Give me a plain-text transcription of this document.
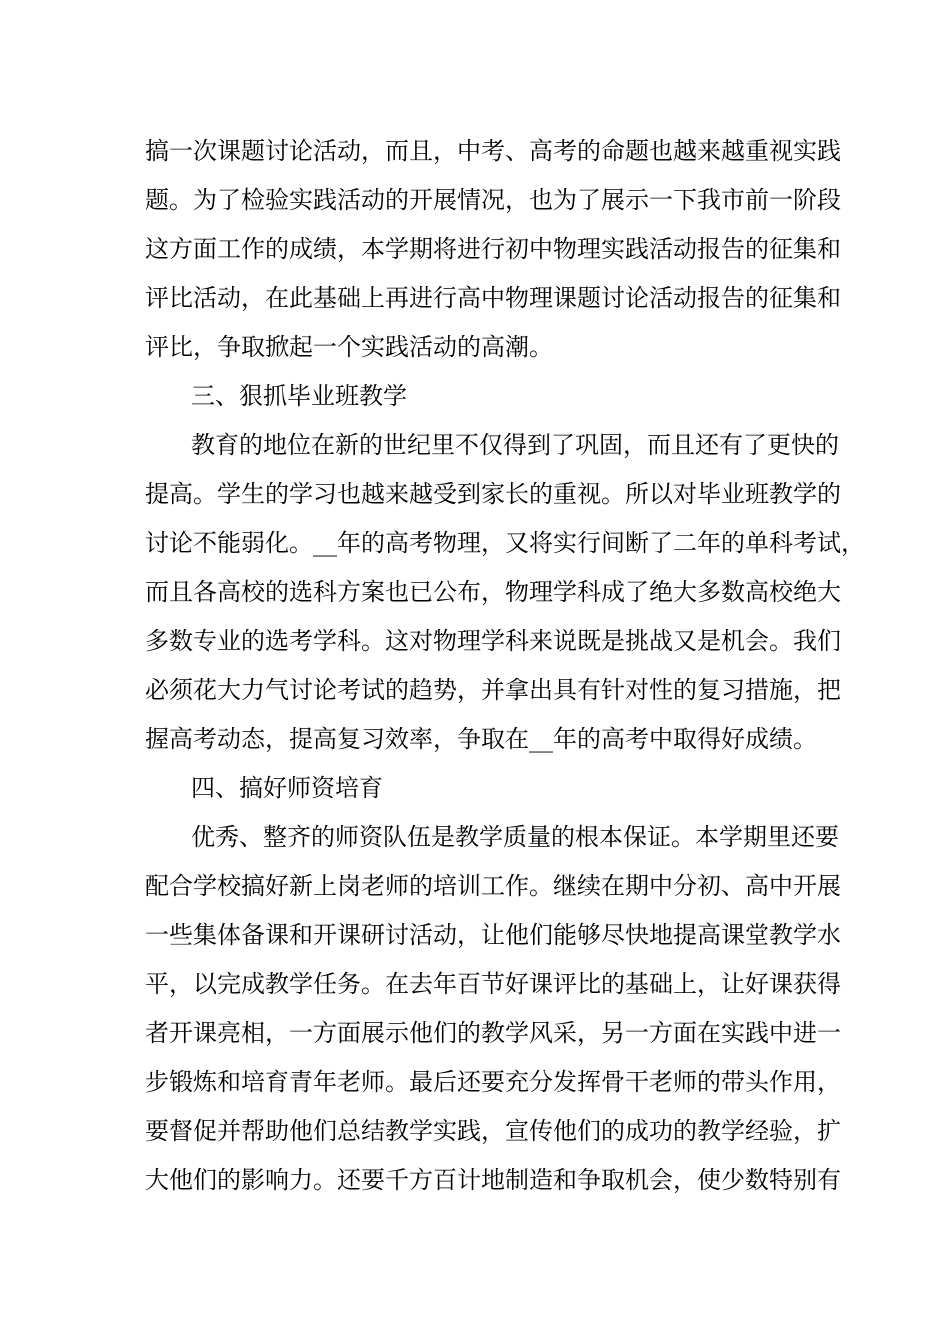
搞一次课题讨论活动，而且，中考、高考的命题也越来越重视实践
题。为了检验实践活动的开展情况，也为了展示一下我市前一阶段
这方面工作的成绩，本学期将进行初中物理实践活动报告的征集和
评比活动，在此基础上再进行高中物理课题讨论活动报告的征集和
评比，争取掀起一个实践活动的高潮。
三、狠抓毕业班教学
教育的地位在新的世纪里不仅得到了巩固，而且还有了更快的
提高。学生的学习也越来越受到家长的重视。所以对毕业班教学的
讨论不能弱化。__年的高考物理，又将实行间断了二年的单科考试，
而且各高校的选科方案也已公布，物理学科成了绝大多数高校绝大
多数专业的选考学科。这对物理学科来说既是挑战又是机会。我们
必须花大力气讨论考试的趋势，并拿出具有针对性的复习措施，把
握高考动态，提高复习效率，争取在__年的高考中取得好成绩。
四、搞好师资培育
优秀、整齐的师资队伍是教学质量的根本保证。本学期里还要
配合学校搞好新上岗老师的培训工作。继续在期中分初、高中开展
一些集体备课和开课研讨活动，让他们能够尽快地提高课堂教学水
平，以完成教学任务。在去年百节好课评比的基础上，让好课获得
者开课亮相，一方面展示他们的教学风采，另一方面在实践中进一
步锻炼和培育青年老师。最后还要充分发挥骨干老师的带头作用，
要督促并帮助他们总结教学实践，宣传他们的成功的教学经验，扩
大他们的影响力。还要千方百计地制造和争取机会，使少数特别有
